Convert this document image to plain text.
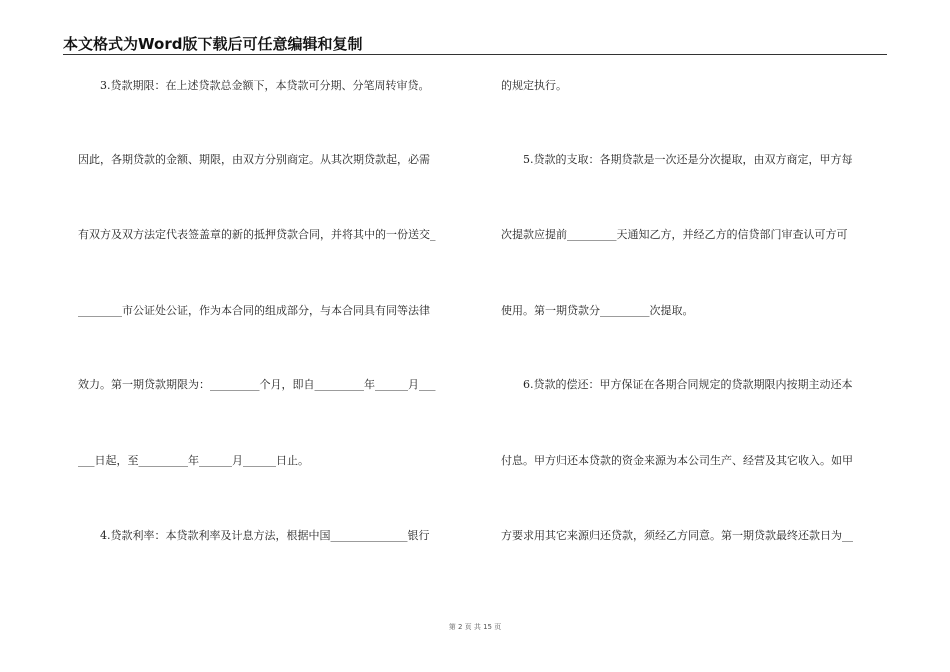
本文格式为Word版下载后可任意编辑和复制
3.贷款期限：在上述贷款总金额下，本贷款可分期、分笔周转审贷。
因此，各期贷款的金额、期限，由双方分别商定。从其次期贷款起，必需
有双方及双方法定代表签盖章的新的抵押贷款合同，并将其中的一份送交_
________市公证处公证，作为本合同的组成部分，与本合同具有同等法律
效力。第一期贷款期限为：_________个月，即自_________年______月___
___日起，至_________年______月______日止。
4.贷款利率：本贷款利率及计息方法，根据中国______________银行
的规定执行。
5.贷款的支取：各期贷款是一次还是分次提取，由双方商定，甲方每
次提款应提前_________天通知乙方，并经乙方的信贷部门审查认可方可
使用。第一期贷款分_________次提取。
6.贷款的偿还：甲方保证在各期合同规定的贷款期限内按期主动还本
付息。甲方归还本贷款的资金来源为本公司生产、经营及其它收入。如甲
方要求用其它来源归还贷款，须经乙方同意。第一期贷款最终还款日为__
第 2 页 共 15 页
